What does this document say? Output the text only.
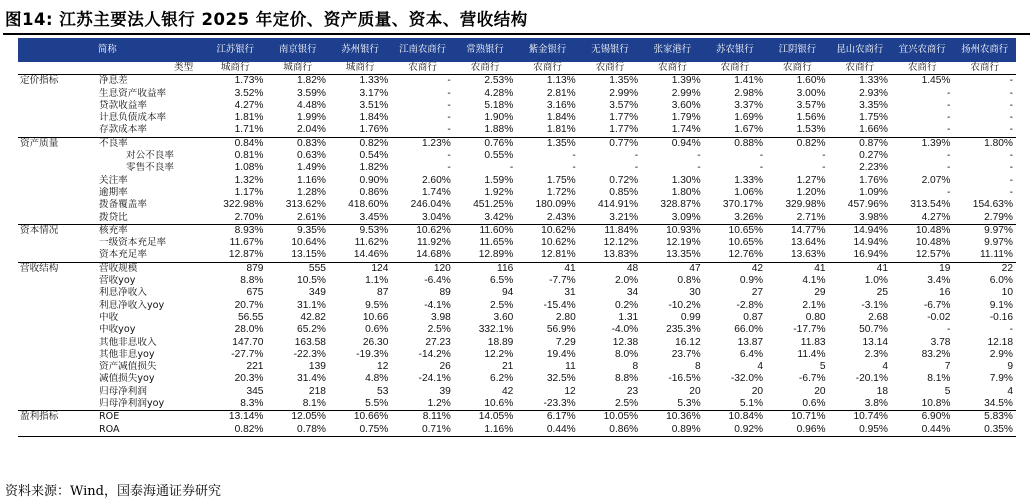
图14: 江苏主要法人银行 2025 年定价、资产质量、资本、营收结构
简称		江苏银行	南京银行	苏州银行	江南农商行	常熟银行	紫金银行	无锡银行	张家港行	苏农银行	江阴银行	昆山农商行	宜兴农商行	扬州农商行
	类型	城商行	城商行	城商行	农商行	农商行	农商行	农商行	农商行	农商行	农商行	农商行	农商行	农商行
定价指标	净息差	1.73%	1.82%	1.33%	-	2.53%	1.13%	1.35%	1.39%	1.41%	1.60%	1.33%	1.45%	-
	生息资产收益率	3.52%	3.59%	3.17%	-	4.28%	2.81%	2.99%	2.99%	2.98%	3.00%	2.93%	-	-
	贷款收益率	4.27%	4.48%	3.51%	-	5.18%	3.16%	3.57%	3.60%	3.37%	3.57%	3.35%	-	-
	计息负债成本率	1.81%	1.99%	1.84%	-	1.90%	1.84%	1.77%	1.79%	1.69%	1.56%	1.75%	-	-
	存款成本率	1.71%	2.04%	1.76%	-	1.88%	1.81%	1.77%	1.74%	1.67%	1.53%	1.66%	-	-
资产质量	不良率	0.84%	0.83%	0.82%	1.23%	0.76%	1.35%	0.77%	0.94%	0.88%	0.82%	0.87%	1.39%	1.80%
	对公不良率	0.81%	0.63%	0.54%	-	0.55%	-	-	-	-	-	0.27%	-	-
	零售不良率	1.08%	1.49%	1.82%	-	-	-	-	-	-	-	2.23%	-	-
	关注率	1.32%	1.16%	0.90%	2.60%	1.59%	1.75%	0.72%	1.30%	1.33%	1.27%	1.76%	2.07%	-
	逾期率	1.17%	1.28%	0.86%	1.74%	1.92%	1.72%	0.85%	1.80%	1.06%	1.20%	1.09%	-	-
	拨备覆盖率	322.98%	313.62%	418.60%	246.04%	451.25%	180.09%	414.91%	328.87%	370.17%	329.98%	457.96%	313.54%	154.63%
	拨贷比	2.70%	2.61%	3.45%	3.04%	3.42%	2.43%	3.21%	3.09%	3.26%	2.71%	3.98%	4.27%	2.79%
资本情况	核充率	8.93%	9.35%	9.53%	10.62%	11.60%	10.62%	11.84%	10.93%	10.65%	14.77%	14.94%	10.48%	9.97%
	一级资本充足率	11.67%	10.64%	11.62%	11.92%	11.65%	10.62%	12.12%	12.19%	10.65%	13.64%	14.94%	10.48%	9.97%
	资本充足率	12.87%	13.15%	14.46%	14.68%	12.89%	12.81%	13.83%	13.35%	12.76%	13.63%	16.94%	12.57%	11.11%
营收结构	营收规模	879	555	124	120	116	41	48	47	42	41	41	19	22
	营收yoy	8.8%	10.5%	1.1%	-6.4%	6.5%	-7.7%	2.0%	0.8%	0.9%	4.1%	1.0%	3.4%	6.0%
	利息净收入	675	349	87	89	94	31	34	30	27	29	25	16	10
	利息净收入yoy	20.7%	31.1%	9.5%	-4.1%	2.5%	-15.4%	0.2%	-10.2%	-2.8%	2.1%	-3.1%	-6.7%	9.1%
	中收	56.55	42.82	10.66	3.98	3.60	2.80	1.31	0.99	0.87	0.80	2.68	-0.02	-0.16
	中收yoy	28.0%	65.2%	0.6%	2.5%	332.1%	56.9%	-4.0%	235.3%	66.0%	-17.7%	50.7%	-	-
	其他非息收入	147.70	163.58	26.30	27.23	18.89	7.29	12.38	16.12	13.87	11.83	13.14	3.78	12.18
	其他非息yoy	-27.7%	-22.3%	-19.3%	-14.2%	12.2%	19.4%	8.0%	23.7%	6.4%	11.4%	2.3%	83.2%	2.9%
	资产减值损失	221	139	12	26	21	11	8	8	4	5	4	7	9
	减值损失yoy	20.3%	31.4%	4.8%	-24.1%	6.2%	32.5%	8.8%	-16.5%	-32.0%	-6.7%	-20.1%	8.1%	7.9%
	归母净利润	345	218	53	39	42	12	23	20	20	20	18	5	4
	归母净利润yoy	8.3%	8.1%	5.5%	1.2%	10.6%	-23.3%	2.5%	5.3%	5.1%	0.6%	3.8%	10.8%	34.5%
盈利指标	ROE	13.14%	12.05%	10.66%	8.11%	14.05%	6.17%	10.05%	10.36%	10.84%	10.71%	10.74%	6.90%	5.83%
	ROA	0.82%	0.78%	0.75%	0.71%	1.16%	0.44%	0.86%	0.89%	0.92%	0.96%	0.95%	0.44%	0.35%
资料来源：Wind，国泰海通证券研究
